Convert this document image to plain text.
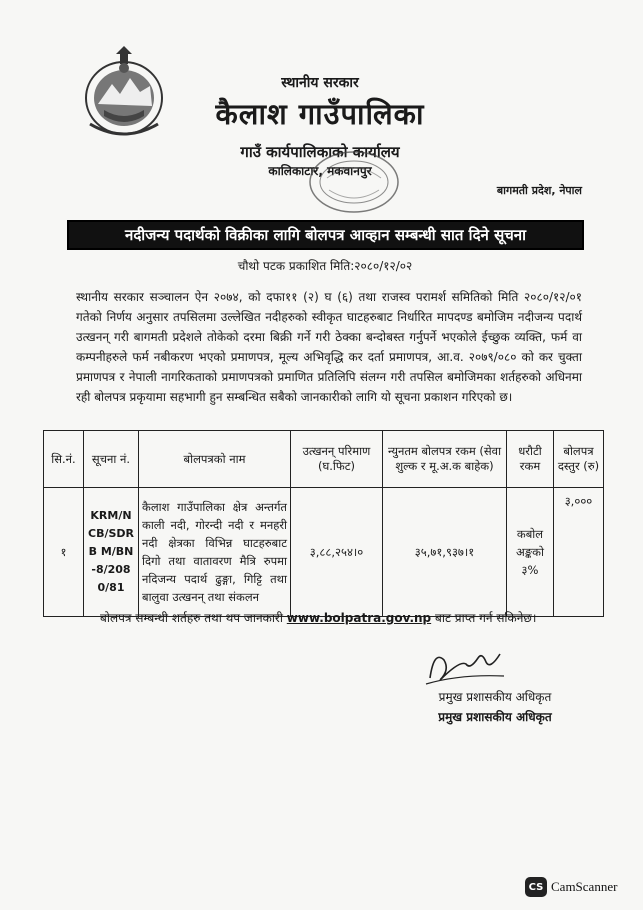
स्थानीय सरकार
कैलाश गाउँपालिका
गाउँ कार्यपालिकाको कार्यालय
कालिकाटार, मकवानपुर
बागमती प्रदेश, नेपाल
नदीजन्य पदार्थको विक्रीका लागि बोलपत्र आव्हान सम्बन्धी सात दिने सूचना
चौथो पटक प्रकाशित मिति:२०८०/१२/०२
स्थानीय सरकार सञ्चालन ऐन २०७४, को दफा११ (२) घ (६) तथा राजस्व परामर्श समितिको मिति २०८०/१२/०१ गतेको निर्णय अनुसार तपसिलमा उल्लेखित नदीहरुको स्वीकृत घाटहरुबाट निर्धारित मापदण्ड बमोजिम नदीजन्य पदार्थ उत्खनन् गरी बागमती प्रदेशले तोकेको दरमा बिक्री गर्ने गरी ठेक्का बन्दोबस्त गर्नुपर्ने भएकोले ईच्छुक व्यक्ति, फर्म वा कम्पनीहरुले फर्म नबीकरण भएको प्रमाणपत्र, मूल्य अभिवृद्धि कर दर्ता प्रमाणपत्र, आ.व. २०७९/०८० को कर चुक्ता प्रमाणपत्र र नेपाली नागरिकताको प्रमाणपत्रको प्रमाणित प्रतिलिपि संलग्न गरी तपसिल बमोजिमका शर्तहरुको अधिनमा रही बोलपत्र प्रकृयामा सहभागी हुन सम्बन्धित सबैको जानकारीको लागि यो सूचना प्रकाशन गरिएको छ।
सि.नं.	सूचना नं.	बोलपत्रको नाम	उत्खनन् परिमाण (घ.फिट)	न्युनतम बोलपत्र रकम (सेवा शुल्क र मू.अ.क बाहेक)	धरौटी रकम	बोलपत्र दस्तुर (रु)
१	KRM/NCB/SDRB M/BN-8/2080/81	कैलाश गाउँपालिका क्षेत्र अन्तर्गत काली नदी, गोरन्दी नदी र मनहरी नदी क्षेत्रका विभिन्न घाटहरुबाट दिगो तथा वातावरण मैत्रि रुपमा नदिजन्य पदार्थ ढुङ्गा, गिट्टि तथा बालुवा उत्खनन् तथा संकलन	३,८८,२५४।०	३५,७१,९३७।१	कबोल अङ्कको ३%	३,०००
बोलपत्र सम्बन्धी शर्तहरु तथा थप जानकारी www.bolpatra.gov.np बाट प्राप्त गर्न सकिनेछ।
प्रमुख प्रशासकीय अधिकृत
प्रमुख प्रशासकीय अधिकृत
CS CamScanner
